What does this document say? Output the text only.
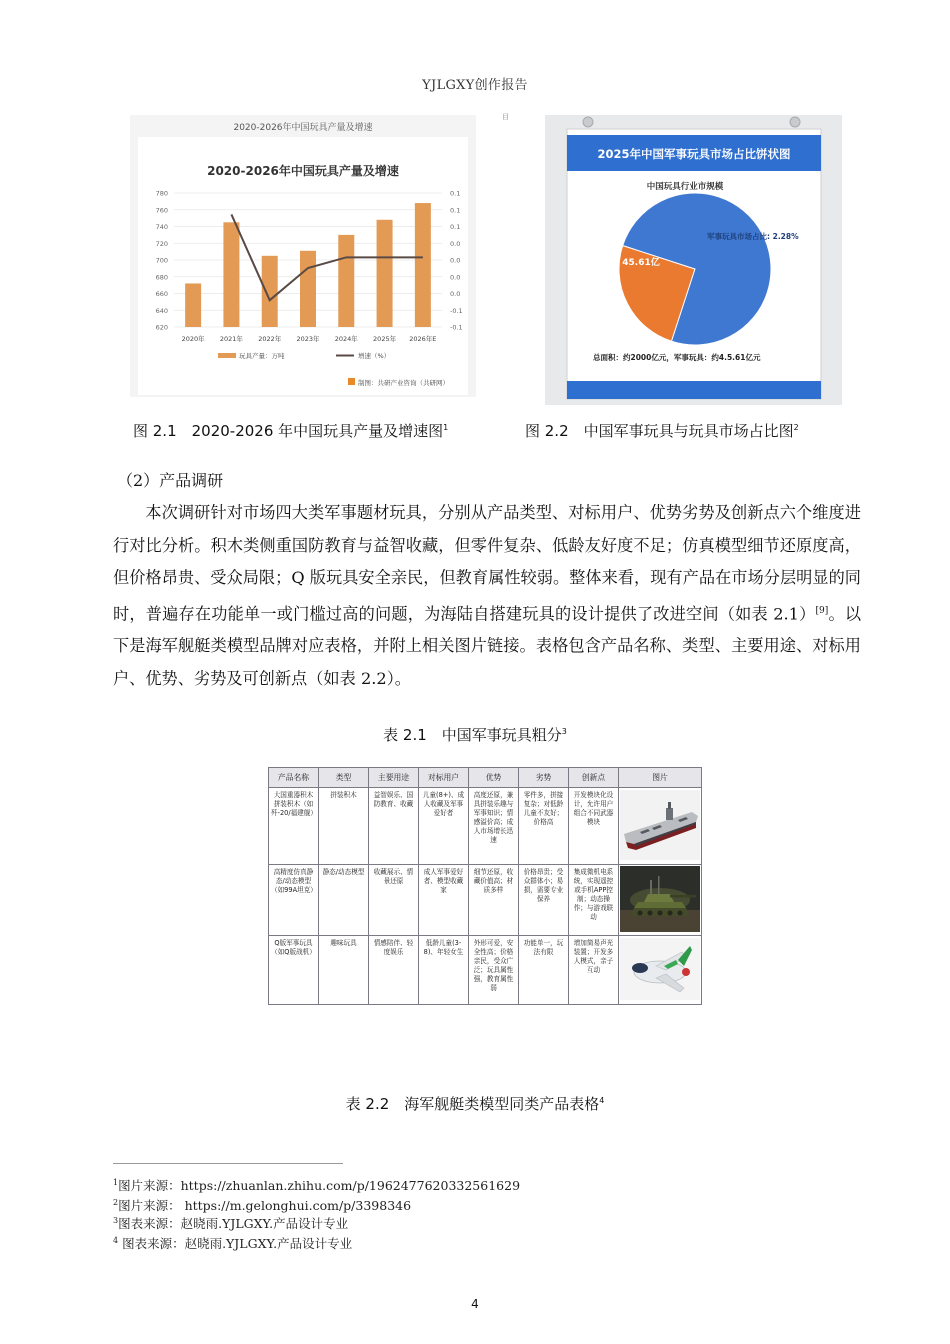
YJLGXY创作报告
2020-2026年中国玩具产量及增速
2020-2026年中国玩具产量及增速
620
640
660
680
700
720
740
760
780
-0.1
-0.1
0.0
0.0
0.0
0.0
0.1
0.1
0.1
2020年 2021年 2022年 2023年 2024年 2025年 2026年E
玩具产量：万吨	增速（%）
制图：共研产业咨询（共研网）
目
2025年中国军事玩具市场占比饼状图
中国玩具行业市规模
45.61亿
军事玩具市场占比: 2.28%
总面积：约2000亿元，军事玩具：约4.5.61亿元
图 2.1　2020-2026 年中国玩具产量及增速图$^1$	图 2.2　中国军事玩具与玩具市场占比图$^2$
（2）产品调研

本次调研针对市场四大类军事题材玩具，分别从产品类型、对标用户、优势劣势及创新点六个维度进行对比分析。积木类侧重国防教育与益智收藏，但零件复杂、低龄友好度不足；仿真模型细节还原度高，但价格昂贵、受众局限；Q 版玩具安全亲民，但教育属性较弱。整体来看，现有产品在市场分层明显的同时，普遍存在功能单一或门槛过高的问题，为海陆自搭建玩具的设计提供了改进空间（如表 2.1）[9]。以下是海军舰艇类模型品牌对应表格，并附上相关图片链接。表格包含产品名称、类型、主要用途、对标用户、优势、劣势及可创新点（如表 2.2）。

表 2.1　中国军事玩具粗分$^3$
产品名称	类型	主要用途	对标用户	优势	劣势	创新点	图片
大国重器积木拼装积木（如歼-20/福建舰）	拼装积木	益智娱乐、国防教育、收藏	儿童(8+)、成人收藏及军事爱好者	高度还原，兼具拼装乐趣与军事知识；情感溢价高；成人市场增长迅速	零件多，拼接复杂；对低龄儿童不友好；价格高	开发模块化设计，允许用户组合不同武器模块	
高精度仿真静态/动态模型（如99A坦克）	静态/动态模型	收藏展示、情景还原	成人军事爱好者、模型收藏家	细节还原，收藏价值高；材质多样	价格昂贵；受众群体小；易损，需要专业保养	集成微机电系统，实现遥控或手机APP控制；动态操作；与游戏联动	
Q版军事玩具（如Q版战机）	趣味玩具	情感陪伴、轻度娱乐	低龄儿童(3-8)、年轻女生	外形可爱，安全性高；价格亲民，受众广泛；玩具属性强，教育属性弱	功能单一，玩法有限	增加简易声光装置；开发多人模式，亲子互动	
表 2.2　海军舰艇类模型同类产品表格$^4$
$^1$图片来源：https://zhuanlan.zhihu.com/p/1962477620332561629
$^2$图片来源： https://m.gelonghui.com/p/3398346
$^3$图表来源：赵晓雨.YJLGXY.产品设计专业
$^4$ 图表来源：赵晓雨.YJLGXY.产品设计专业
4
